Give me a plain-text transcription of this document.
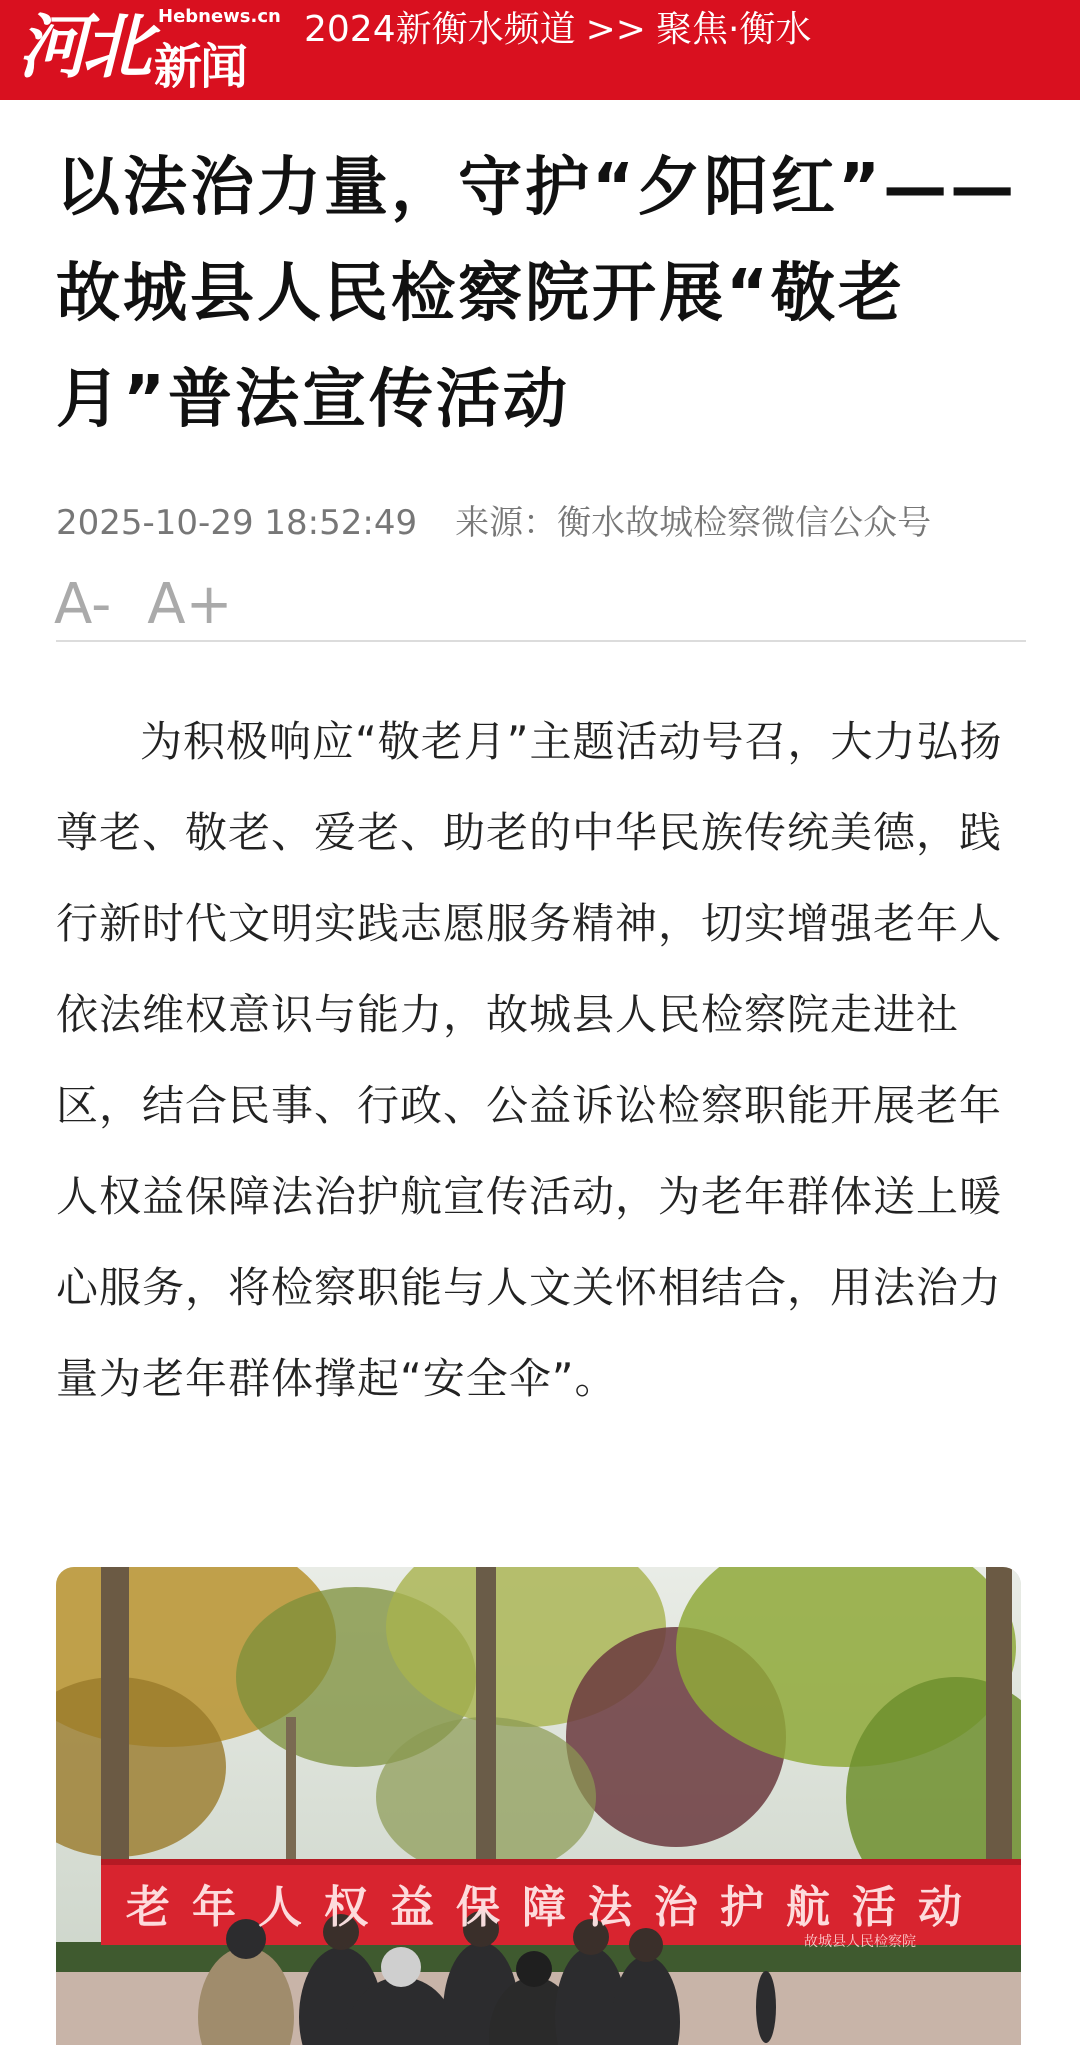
河北 Hebnews.cn
新闻网
2024新衡水频道 >> 聚焦·衡水
以法治力量，守护“夕阳红”——故城县人民检察院开展“敬老月”普法宣传活动
2025-10-29 18:52:49 来源：衡水故城检察微信公众号
A- A+

为积极响应“敬老月”主题活动号召，大力弘扬尊老、敬老、爱老、助老的中华民族传统美德，践行新时代文明实践志愿服务精神，切实增强老年人依法维权意识与能力，故城县人民检察院走进社区，结合民事、行政、公益诉讼检察职能开展老年人权益保障法治护航宣传活动，为老年群体送上暖心服务，将检察职能与人文关怀相结合，用法治力量为老年群体撑起“安全伞”。

老年人权益保障法治护航活动
故城县人民检察院
